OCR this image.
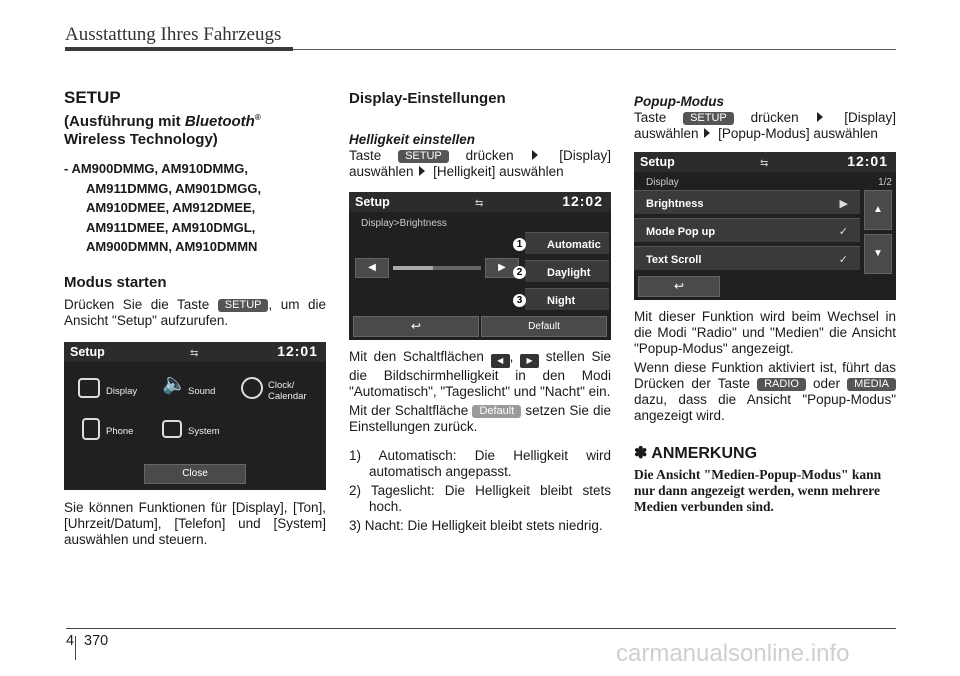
Ausstattung Ihres Fahrzeugs
SETUP
(Ausführung mit Bluetooth®
Wireless Technology)
- AM900DMMG, AM910DMMG, AM911DMMG, AM901DMGG, AM910DMEE, AM912DMEE, AM911DMEE, AM910DMGL, AM900DMMN, AM910DMMN
Modus starten
Drücken Sie die Taste SETUP , um die Ansicht "Setup" aufzurufen.
Setup	⇆	12:01
Display 🔈 Sound
Clock/ Calendar
Phone	System
Close
Sie können Funktionen für [Display], [Ton], [Uhrzeit/Datum], [Telefon] und [System] auswählen und steuern.
Display-Einstellungen
Helligkeit einstellen
Taste SETUP drücken  [Display] auswählen  [Helligkeit] auswählen
Setup	⇆	12:02
Display>Brightness
◀	▶
Automatic
Daylight
Night
1
2
3
↩	Default
Mit den Schaltflächen ◀ , ▶ stellen Sie die Bildschirmhelligkeit in den Modi "Automatisch", "Tageslicht" und "Nacht" ein.
Mit der Schaltfläche Default setzen Sie die Einstellungen zurück.
1) Automatisch: Die Helligkeit wird automatisch angepasst.
2) Tageslicht: Die Helligkeit bleibt stets hoch.
3) Nacht: Die Helligkeit bleibt stets niedrig.
Popup-Modus
Taste SETUP drücken  [Display] auswählen  [Popup-Modus] auswählen
Setup	⇆	12:01
Display	1/2
Brightness	▶
Mode Pop up	✓
Text Scroll	✓
▲
▼
↩
Mit dieser Funktion wird beim Wechsel in die Modi "Radio" und "Medien" die Ansicht "Popup-Modus" angezeigt.
Wenn diese Funktion aktiviert ist, führt das Drücken der Taste RADIO oder MEDIA dazu, dass die Ansicht "Popup-Modus" angezeigt wird.
✽ ANMERKUNG
Die Ansicht "Medien-Popup-Modus" kann nur dann angezeigt werden, wenn mehrere Medien verbunden sind.
4 370	carmanualsonline.info
